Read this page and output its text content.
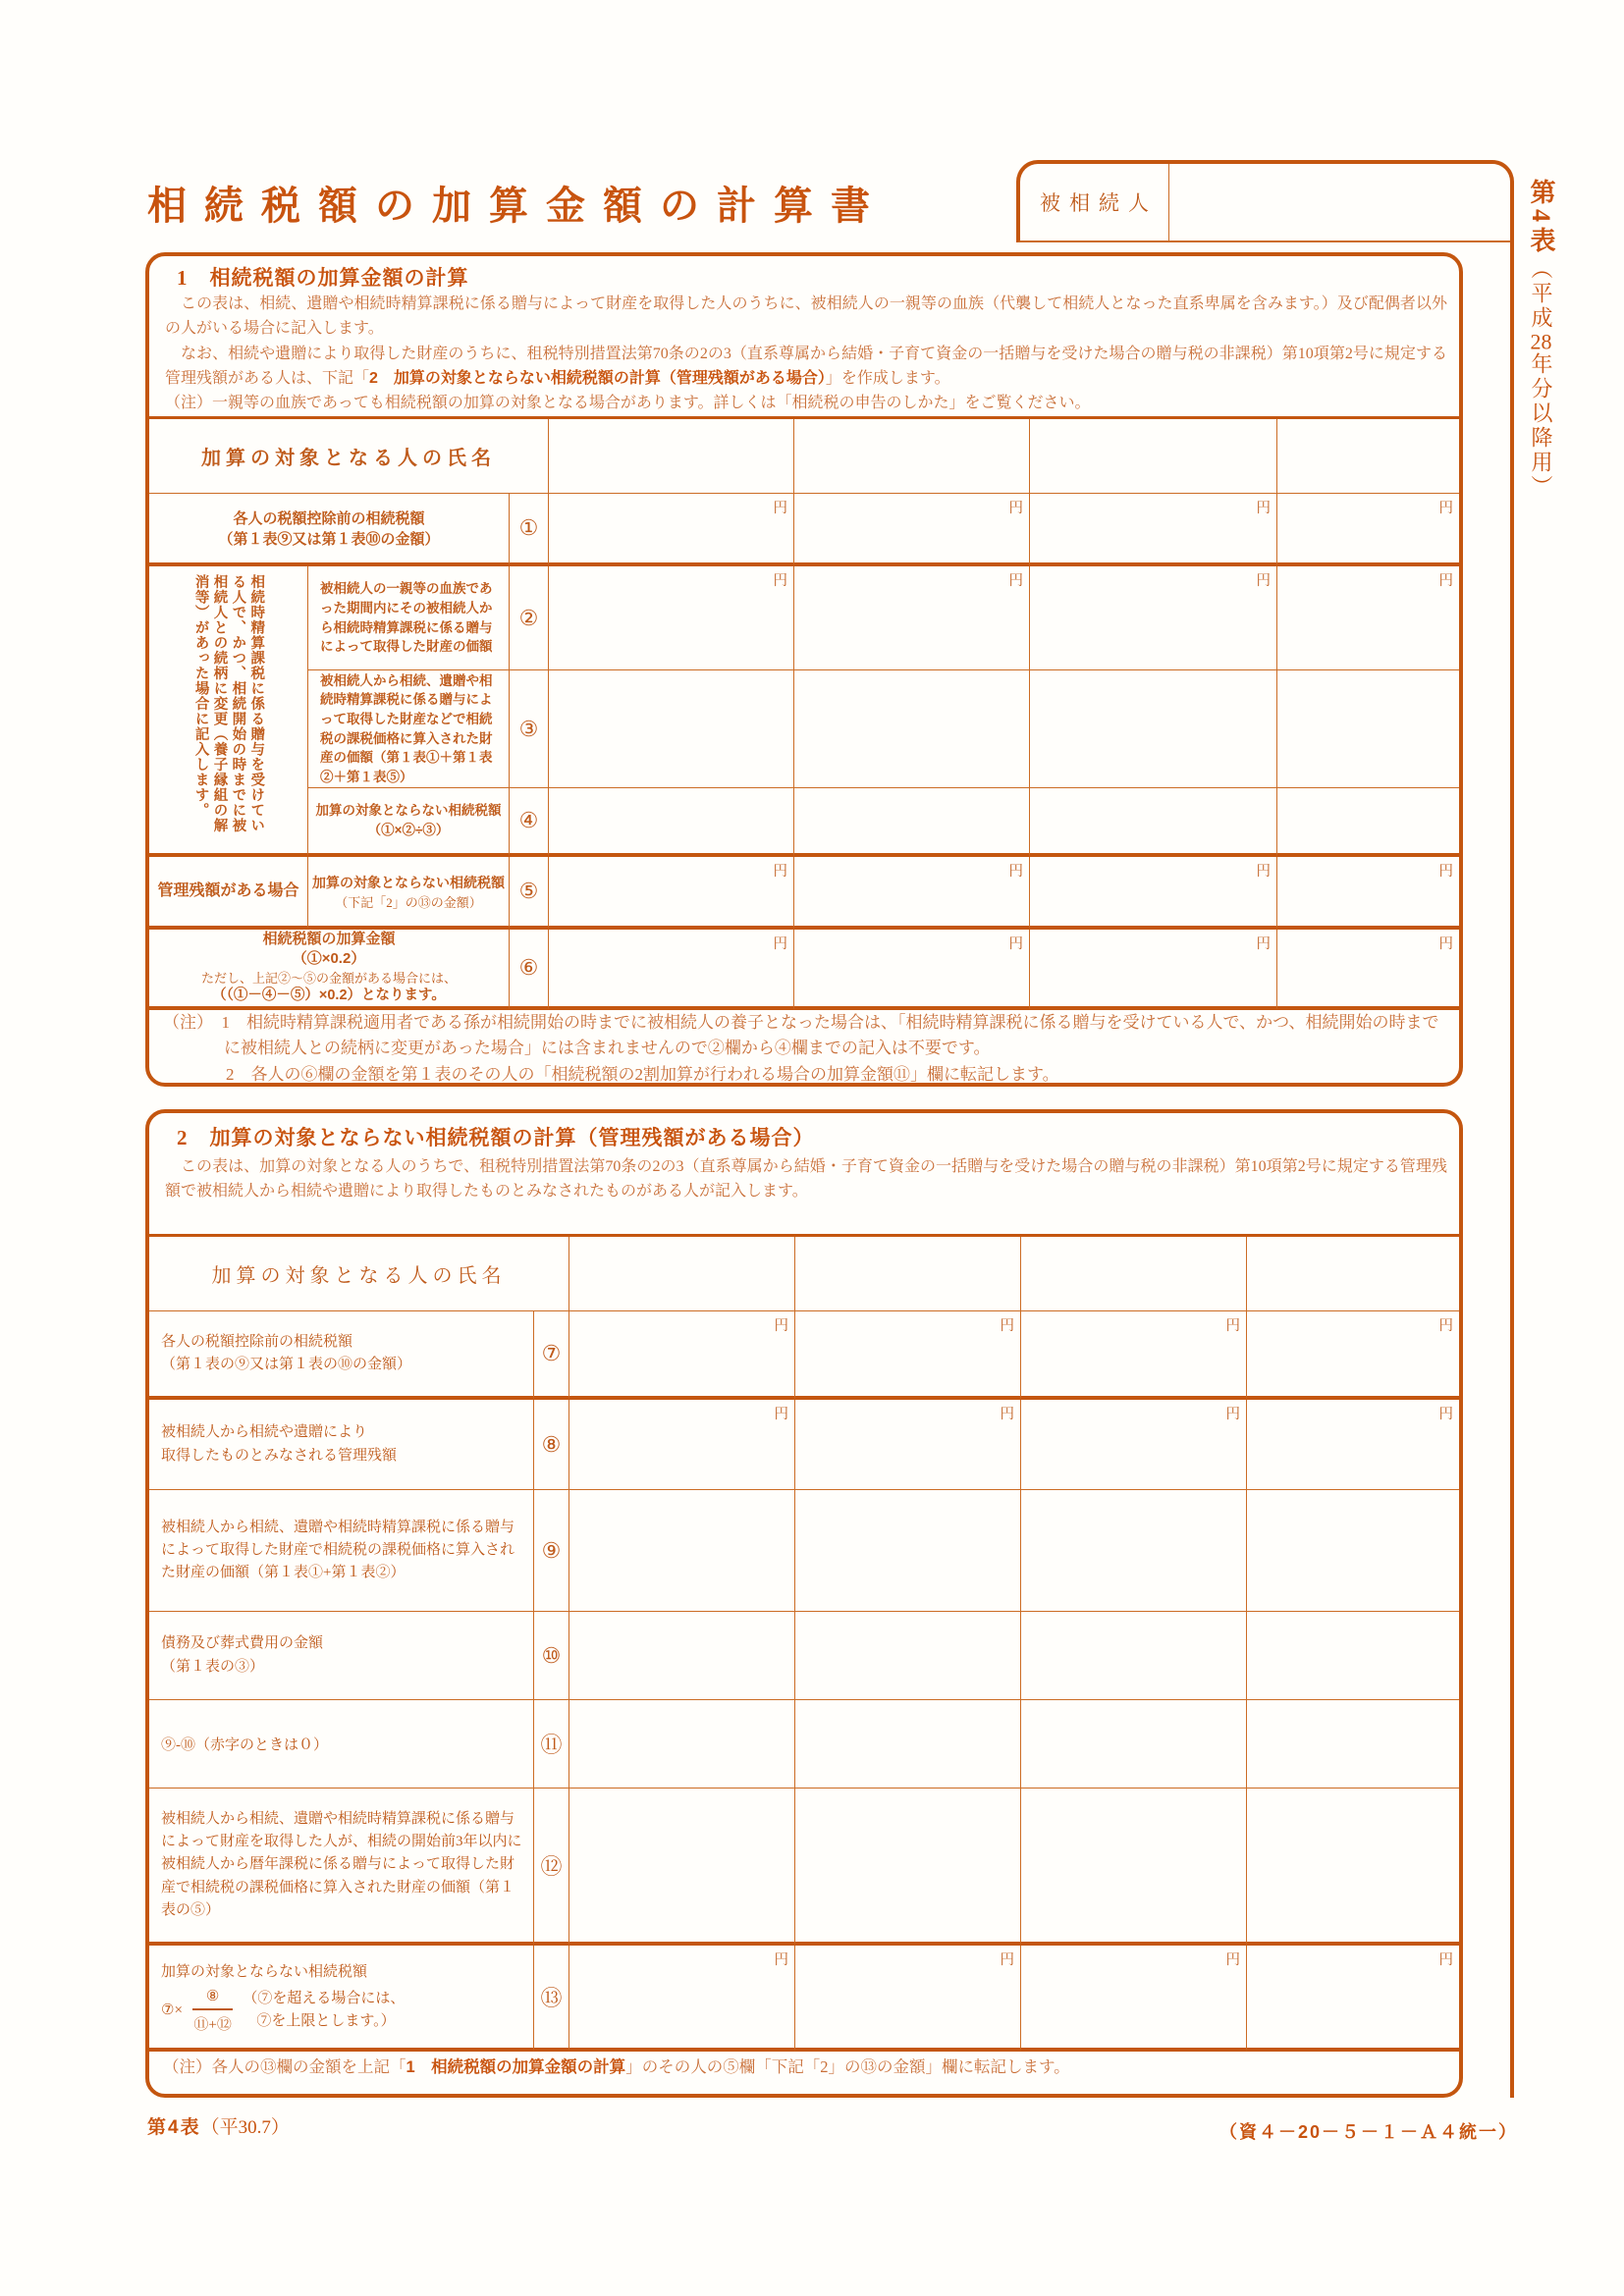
相続税額の加算金額の計算書	被相続人	第4表（平成28年分以降用）
1　相続税額の加算金額の計算
　この表は、相続、遺贈や相続時精算課税に係る贈与によって財産を取得した人のうちに、被相続人の一親等の血族（代襲して相続人となった直系卑属を含みます。）及び配偶者以外の人がいる場合に記入します。
　なお、相続や遺贈により取得した財産のうちに、租税特別措置法第70条の2の3（直系尊属から結婚・子育て資金の一括贈与を受けた場合の贈与税の非課税）第10項第2号に規定する管理残額がある人は、下記「2　加算の対象とならない相続税額の計算（管理残額がある場合）」を作成します。
（注）一親等の血族であっても相続税額の加算の対象となる場合があります。詳しくは「相続税の申告のしかた」をご覧ください。
加算の対象となる人の氏名
各人の税額控除前の相続税額
（第１表⑨又は第１表⑩の金額）	①
円	円	円	円
相続時精算課税に係る贈与を受けている人で、かつ、相続開始の時までに被相続人との続柄に変更（養子縁組の解消等）があった場合に記入します。	被相続人の一親等の血族であった期間内にその被相続人から相続時精算課税に係る贈与によって取得した財産の価額
②
円	円	円	円
被相続人から相続、遺贈や相続時精算課税に係る贈与によって取得した財産などで相続税の課税価格に算入された財産の価額（第１表①＋第１表②＋第１表⑤）
③
加算の対象とならない相続税額
（①×②÷③）	④
管理残額がある場合
加算の対象とならない相続税額
（下記「2」の⑬の金額）	⑤
円	円	円	円
相続税額の加算金額
（①×0.2）
ただし、上記②～⑤の金額がある場合には、
（（①－④－⑤）×0.2）となります。
⑥
円	円	円	円
（注）　1　相続時精算課税適用者である孫が相続開始の時までに被相続人の養子となった場合は、「相続時精算課税に係る贈与を受けている人で、かつ、相続開始の時までに被相続人との続柄に変更があった場合」には含まれませんので②欄から④欄までの記入は不要です。
2　各人の⑥欄の金額を第１表のその人の「相続税額の2割加算が行われる場合の加算金額⑪」欄に転記します。
2　加算の対象とならない相続税額の計算（管理残額がある場合）
　この表は、加算の対象となる人のうちで、租税特別措置法第70条の2の3（直系尊属から結婚・子育て資金の一括贈与を受けた場合の贈与税の非課税）第10項第2号に規定する管理残額で被相続人から相続や遺贈により取得したものとみなされたものがある人が記入します。
加算の対象となる人の氏名
各人の税額控除前の相続税額
（第１表の⑨又は第１表の⑩の金額）	⑦
円	円	円	円
被相続人から相続や遺贈により
取得したものとみなされる管理残額	⑧
円	円	円	円
被相続人から相続、遺贈や相続時精算課税に係る贈与によって取得した財産で相続税の課税価格に算入された財産の価額（第１表①+第１表②）
⑨
債務及び葬式費用の金額
（第１表の③）	⑩
⑨-⑩（赤字のときは０）	⑪
被相続人から相続、遺贈や相続時精算課税に係る贈与によって財産を取得した人が、相続の開始前3年以内に被相続人から暦年課税に係る贈与によって取得した財産で相続税の課税価格に算入された財産の価額（第１表の⑤）
⑫
加算の対象とならない相続税額
⑦× $\frac{\text{⑧}}{\text{⑪+⑫}}$ （⑦を超える場合には、
⑦を上限とします。）
⑬
円	円	円	円
（注）各人の⑬欄の金額を上記「1　相続税額の加算金額の計算」のその人の⑤欄「下記「2」の⑬の金額」欄に転記します。
第4表（平30.7）	（資４－20－５－１－Ａ４統一）
